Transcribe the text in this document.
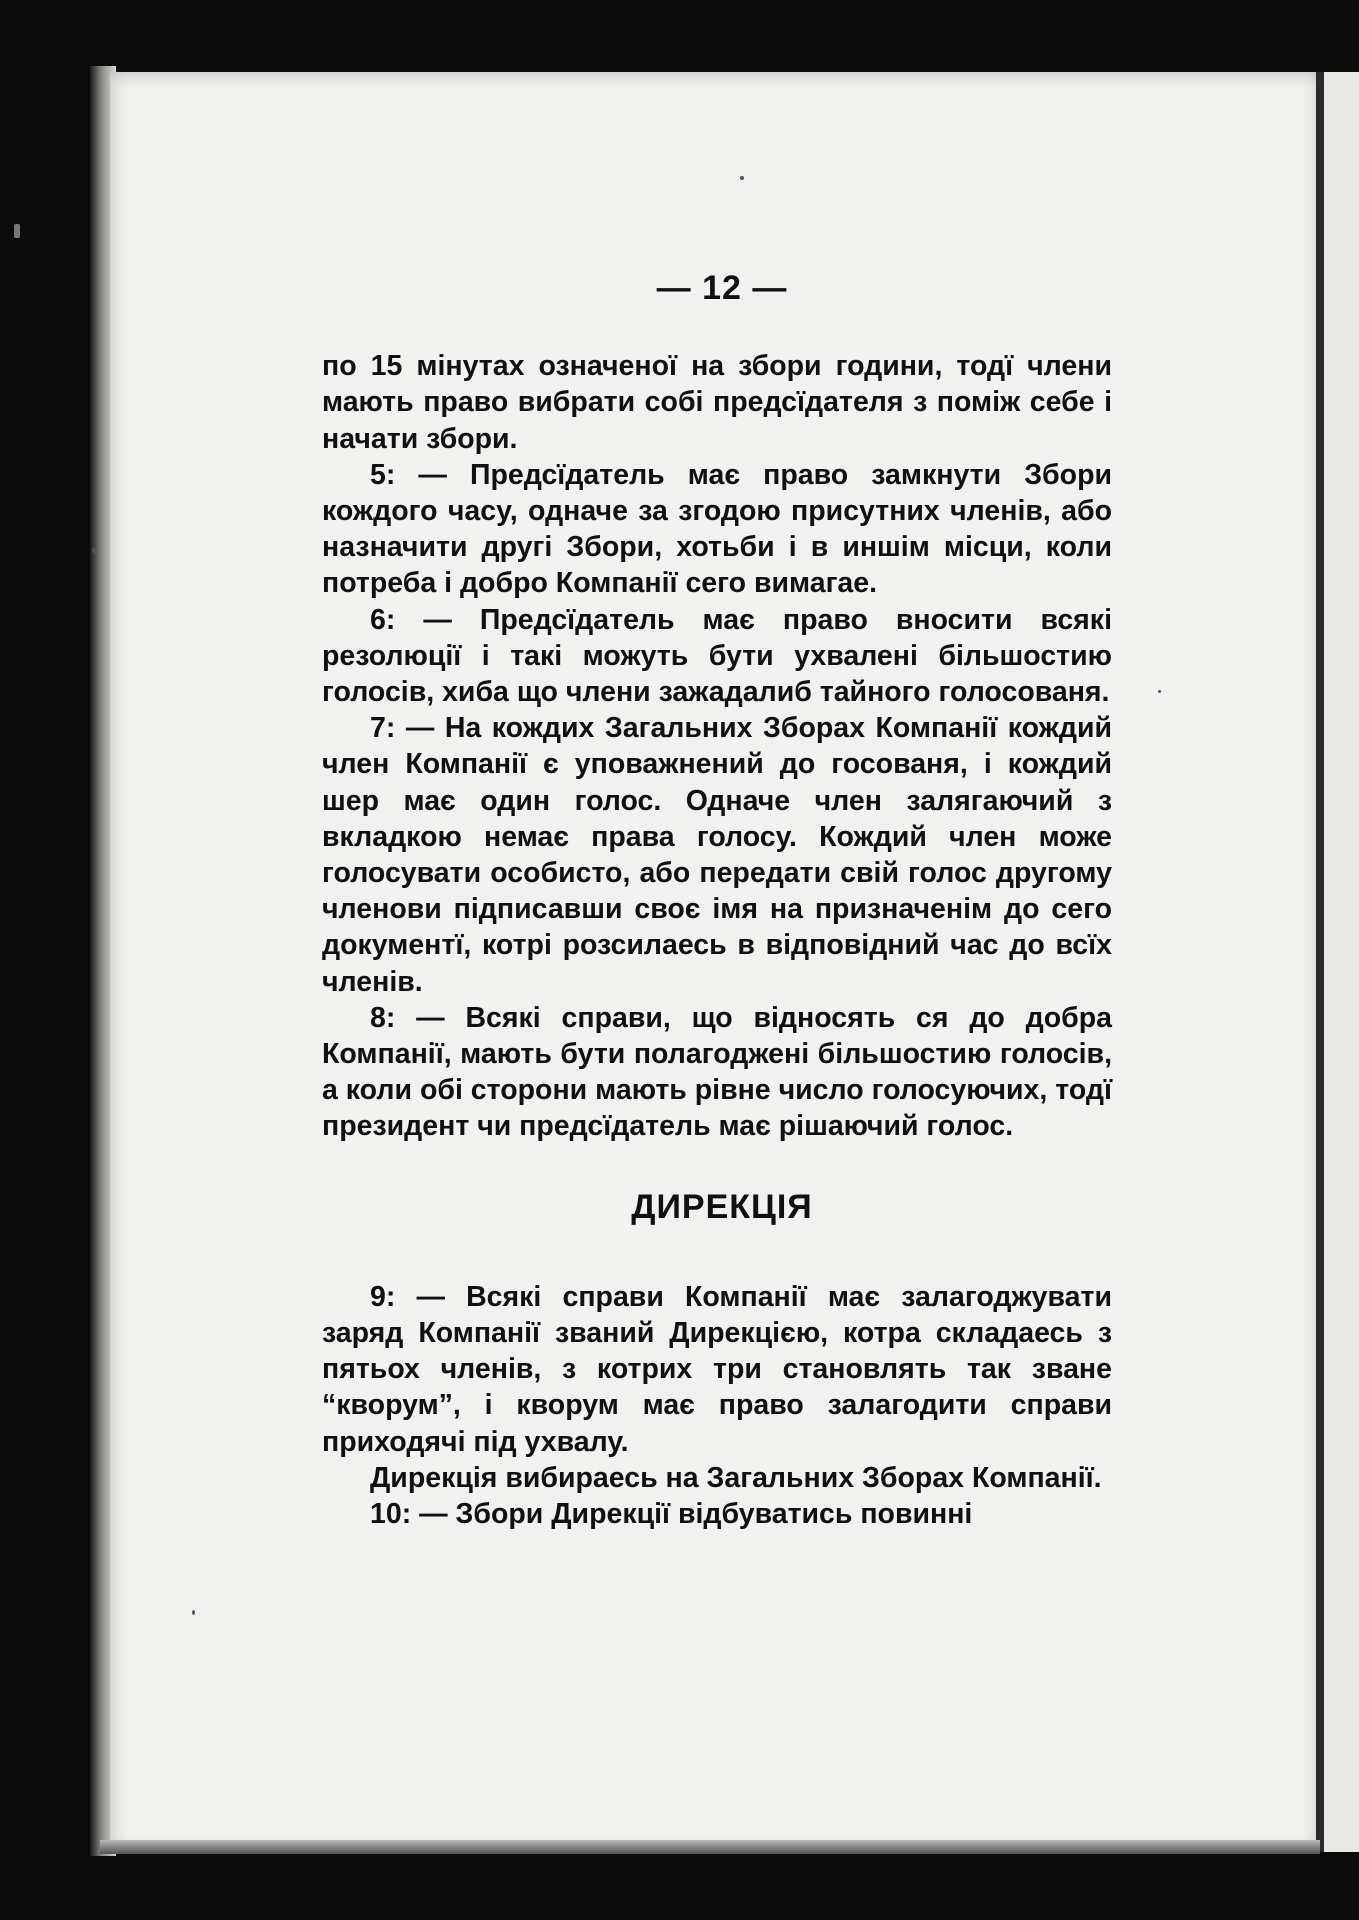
— 12 —

по 15 мінутах означеної на збори години, тодї члени мають право вибрати собі предсїдателя з поміж себе і начати збори.

5: — Предсїдатель має право замкнути Збори кождого часу, одначе за згодою присутних членів, або назначити другі Збори, хотьби і в иншім місци, коли потреба і добро Компанії сего вимагае.

6: — Предсїдатель має право вносити всякі резолюції і такі можуть бути ухвалені більшостию голосів, хиба що члени зажадалиб тайного голосованя.

7: — На кождих Загальних Зборах Компанії кождий член Компанії є уповажнений до госованя, і кождий шер має один голос. Одначе член залягаючий з вкладкою немає права голосу. Кождий член може голосувати особисто, або передати свій голос другому членови підписавши своє імя на призначенім до сего документї, котрі розсилаесь в відповідний час до всїх членів.

8: — Всякі справи, що відносять ся до добра Компанії, мають бути полагоджені більшостию голосів, а коли обі сторони мають рівне число голосуючих, тодї президент чи предсїдатель має рішаючий голос.

ДИРЕКЦІЯ

9: — Всякі справи Компанії має залагоджувати заряд Компанії званий Дирекцією, котра складаесь з пятьох членів, з котрих три становлять так зване “кворум”, і кворум має право залагодити справи приходячі під ухвалу.

Дирекція вибираесь на Загальних Зборах Компанії.

10: — Збори Дирекції відбуватись повинні
